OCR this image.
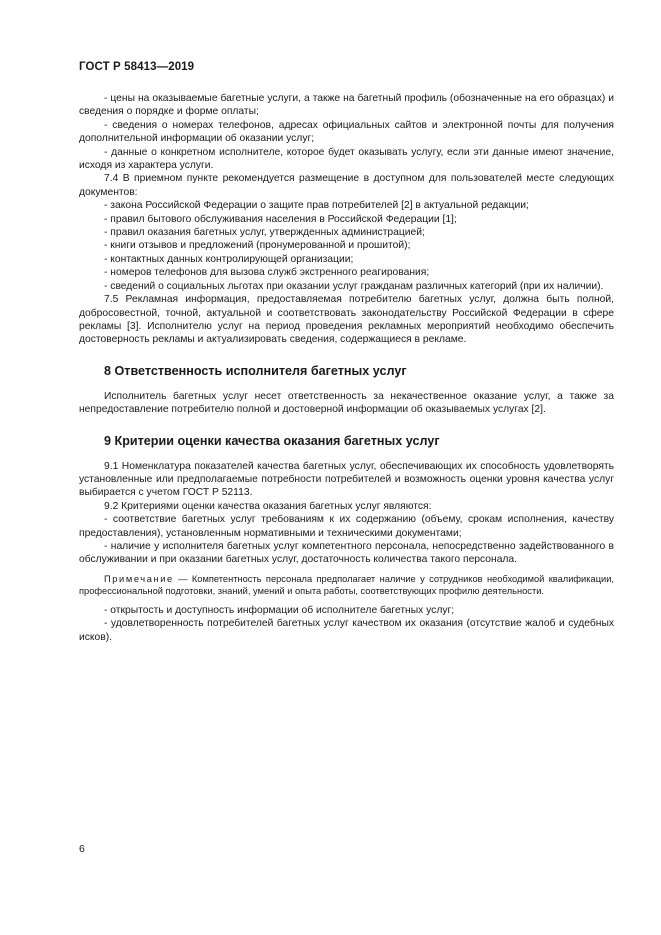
ГОСТ Р 58413—2019

- цены на оказываемые багетные услуги, а также на багетный профиль (обозначенные на его образцах) и сведения о порядке и форме оплаты;

- сведения о номерах телефонов, адресах официальных сайтов и электронной почты для получения дополнительной информации об оказании услуг;

- данные о конкретном исполнителе, которое будет оказывать услугу, если эти данные имеют значение, исходя из характера услуги.

7.4 В приемном пункте рекомендуется размещение в доступном для пользователей месте следующих документов:

- закона Российской Федерации о защите прав потребителей [2] в актуальной редакции;

- правил бытового обслуживания населения в Российской Федерации [1];

- правил оказания багетных услуг, утвержденных администрацией;

- книги отзывов и предложений (пронумерованной и прошитой);

- контактных данных контролирующей организации;

- номеров телефонов для вызова служб экстренного реагирования;

- сведений о социальных льготах при оказании услуг гражданам различных категорий (при их наличии).

7.5 Рекламная информация, предоставляемая потребителю багетных услуг, должна быть полной, добросовестной, точной, актуальной и соответствовать законодательству Российской Федерации в сфере рекламы [3]. Исполнителю услуг на период проведения рекламных мероприятий необходимо обеспечить достоверность рекламы и актуализировать сведения, содержащиеся в рекламе.

8 Ответственность исполнителя багетных услуг

Исполнитель багетных услуг несет ответственность за некачественное оказание услуг, а также за непредоставление потребителю полной и достоверной информации об оказываемых услугах [2].

9 Критерии оценки качества оказания багетных услуг

9.1 Номенклатура показателей качества багетных услуг, обеспечивающих их способность удовлетворять установленные или предполагаемые потребности потребителей и возможность оценки уровня качества услуг выбирается с учетом ГОСТ Р 52113.

9.2 Критериями оценки качества оказания багетных услуг являются:

- соответствие багетных услуг требованиям к их содержанию (объему, срокам исполнения, качеству предоставления), установленным нормативными и техническими документами;

- наличие у исполнителя багетных услуг компетентного персонала, непосредственно задействованного в обслуживании и при оказании багетных услуг, достаточность количества такого персонала.

Примечание — Компетентность персонала предполагает наличие у сотрудников необходимой квалификации, профессиональной подготовки, знаний, умений и опыта работы, соответствующих профилю деятельности.

- открытость и доступность информации об исполнителе багетных услуг;

- удовлетворенность потребителей багетных услуг качеством их оказания (отсутствие жалоб и судебных исков).

6
